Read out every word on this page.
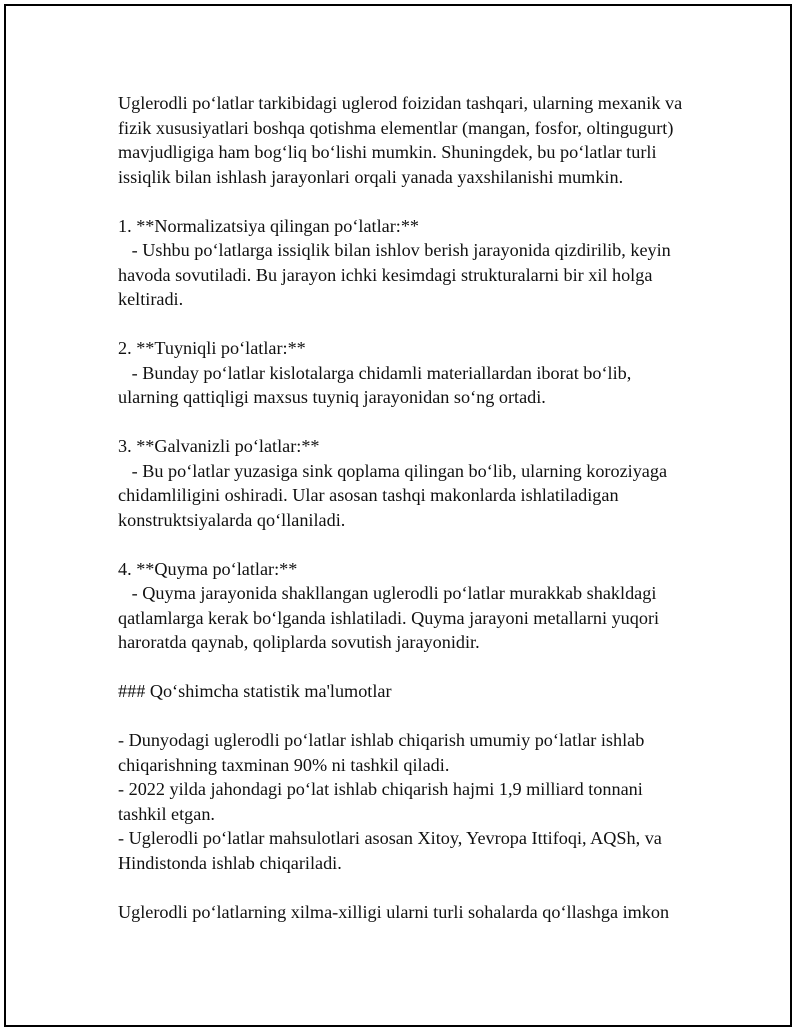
Uglerodli po‘latlar tarkibidagi uglerod foizidan tashqari, ularning mexanik va fizik xususiyatlari boshqa qotishma elementlar (mangan, fosfor, oltingugurt) mavjudligiga ham bog‘liq bo‘lishi mumkin. Shuningdek, bu po‘latlar turli issiqlik bilan ishlash jarayonlari orqali yanada yaxshilanishi mumkin.

1. **Normalizatsiya qilingan po‘latlar:**

- Ushbu po‘latlarga issiqlik bilan ishlov berish jarayonida qizdirilib, keyin havoda sovutiladi. Bu jarayon ichki kesimdagi strukturalarni bir xil holga keltiradi.

2. **Tuyniqli po‘latlar:**

- Bunday po‘latlar kislotalarga chidamli materiallardan iborat bo‘lib, ularning qattiqligi maxsus tuyniq jarayonidan so‘ng ortadi.

3. **Galvanizli po‘latlar:**

- Bu po‘latlar yuzasiga sink qoplama qilingan bo‘lib, ularning koroziyaga chidamliligini oshiradi. Ular asosan tashqi makonlarda ishlatiladigan konstruktsiyalarda qo‘llaniladi.

4. **Quyma po‘latlar:**

- Quyma jarayonida shakllangan uglerodli po‘latlar murakkab shakldagi qatlamlarga kerak bo‘lganda ishlatiladi. Quyma jarayoni metallarni yuqori haroratda qaynab, qoliplarda sovutish jarayonidir.

### Qo‘shimcha statistik ma'lumotlar

- Dunyodagi uglerodli po‘latlar ishlab chiqarish umumiy po‘latlar ishlab chiqarishning taxminan 90% ni tashkil qiladi.

- 2022 yilda jahondagi po‘lat ishlab chiqarish hajmi 1,9 milliard tonnani tashkil etgan.

- Uglerodli po‘latlar mahsulotlari asosan Xitoy, Yevropa Ittifoqi, AQSh, va Hindistonda ishlab chiqariladi.

Uglerodli po‘latlarning xilma-xilligi ularni turli sohalarda qo‘llashga imkon
